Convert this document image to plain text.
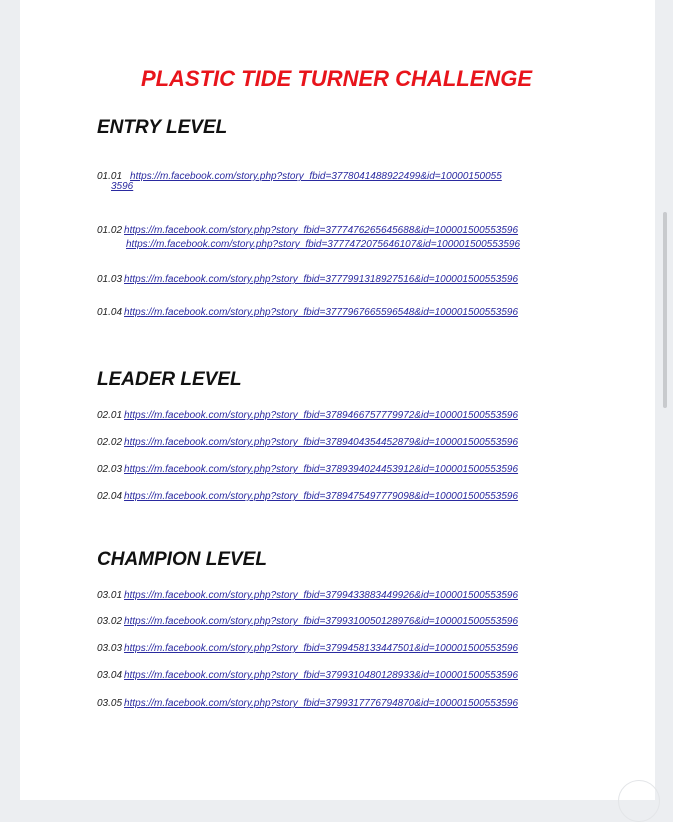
PLASTIC TIDE TURNER CHALLENGE
ENTRY LEVEL
01.01 https://m.facebook.com/story.php?story_fbid=3778041488922499&id=10000150055
3596
01.02 https://m.facebook.com/story.php?story_fbid=3777476265645688&id=100001500553596
https://m.facebook.com/story.php?story_fbid=3777472075646107&id=100001500553596
01.03 https://m.facebook.com/story.php?story_fbid=3777991318927516&id=100001500553596
01.04 https://m.facebook.com/story.php?story_fbid=3777967665596548&id=100001500553596
LEADER LEVEL
02.01 https://m.facebook.com/story.php?story_fbid=3789466757779972&id=100001500553596
02.02 https://m.facebook.com/story.php?story_fbid=3789404354452879&id=100001500553596
02.03 https://m.facebook.com/story.php?story_fbid=3789394024453912&id=100001500553596
02.04 https://m.facebook.com/story.php?story_fbid=3789475497779098&id=100001500553596
CHAMPION LEVEL
03.01 https://m.facebook.com/story.php?story_fbid=3799433883449926&id=100001500553596
03.02 https://m.facebook.com/story.php?story_fbid=3799310050128976&id=100001500553596
03.03 https://m.facebook.com/story.php?story_fbid=3799458133447501&id=100001500553596
03.04 https://m.facebook.com/story.php?story_fbid=3799310480128933&id=100001500553596
03.05 https://m.facebook.com/story.php?story_fbid=3799317776794870&id=100001500553596
